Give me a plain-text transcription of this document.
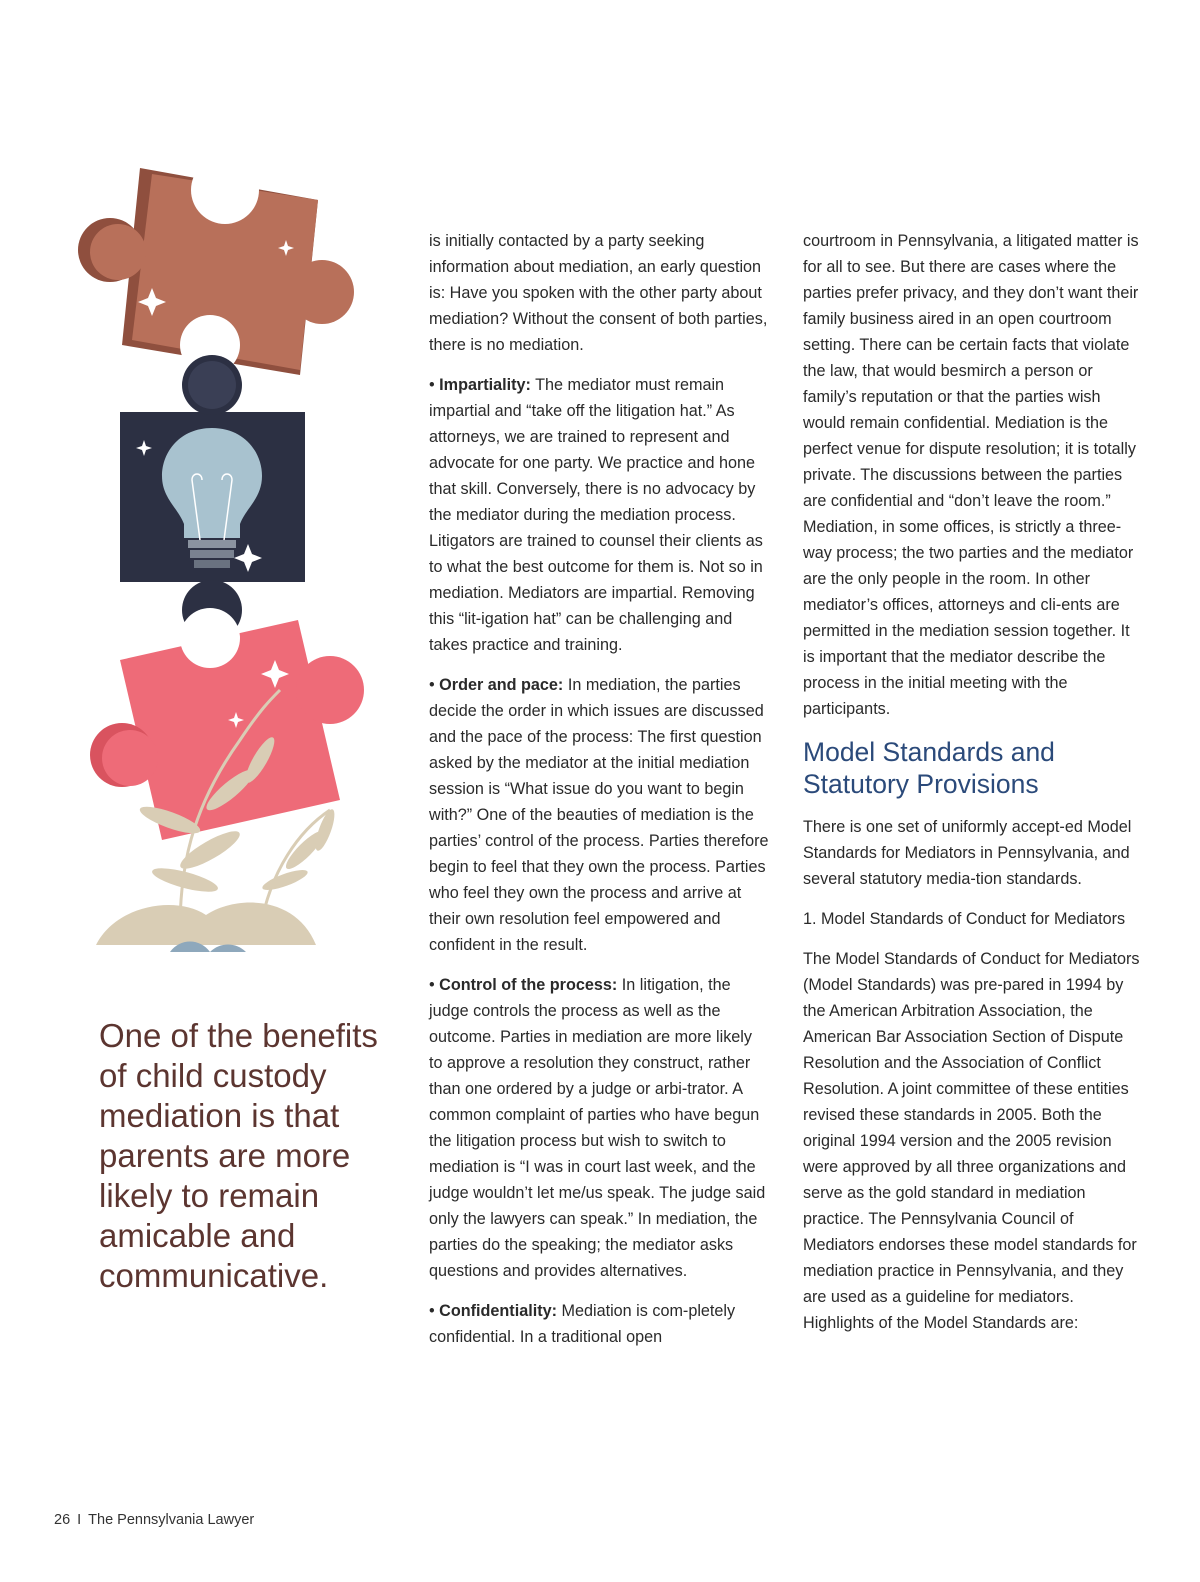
One of the benefits of child custody mediation is that parents are more likely to remain amicable and communicative.

is initially contacted by a party seeking information about mediation, an early question is: Have you spoken with the other party about mediation? Without the consent of both parties, there is no mediation.

• Impartiality: The mediator must remain impartial and “take off the litigation hat.” As attorneys, we are trained to represent and advocate for one party. We practice and hone that skill. Conversely, there is no advocacy by the mediator during the mediation process. Litigators are trained to counsel their clients as to what the best outcome for them is. Not so in mediation. Mediators are impartial. Removing this “lit-igation hat” can be challenging and takes practice and training.

• Order and pace: In mediation, the parties decide the order in which issues are discussed and the pace of the process: The first question asked by the mediator at the initial mediation session is “What issue do you want to begin with?” One of the beauties of mediation is the parties’ control of the process. Parties therefore begin to feel that they own the process. Parties who feel they own the process and arrive at their own resolution feel empowered and confident in the result.

• Control of the process: In litigation, the judge controls the process as well as the outcome. Parties in mediation are more likely to approve a resolution they construct, rather than one ordered by a judge or arbi-trator. A common complaint of parties who have begun the litigation process but wish to switch to mediation is “I was in court last week, and the judge wouldn’t let me/us speak. The judge said only the lawyers can speak.” In mediation, the parties do the speaking; the mediator asks questions and provides alternatives.

• Confidentiality: Mediation is com-pletely confidential. In a traditional open

courtroom in Pennsylvania, a litigated matter is for all to see. But there are cases where the parties prefer privacy, and they don’t want their family business aired in an open courtroom setting. There can be certain facts that violate the law, that would besmirch a person or family’s reputation or that the parties wish would remain confidential. Mediation is the perfect venue for dispute resolution; it is totally private. The discussions between the parties are confidential and “don’t leave the room.” Mediation, in some offices, is strictly a three-way process; the two parties and the mediator are the only people in the room. In other mediator’s offices, attorneys and cli-ents are permitted in the mediation session together. It is important that the mediator describe the process in the initial meeting with the participants.

Model Standards and Statutory Provisions

There is one set of uniformly accept-ed Model Standards for Mediators in Pennsylvania, and several statutory media-tion standards.

1. Model Standards of Conduct for Mediators

The Model Standards of Conduct for Mediators (Model Standards) was pre-pared in 1994 by the American Arbitration Association, the American Bar Association Section of Dispute Resolution and the Association of Conflict Resolution. A joint committee of these entities revised these standards in 2005. Both the original 1994 version and the 2005 revision were approved by all three organizations and serve as the gold standard in mediation practice. The Pennsylvania Council of Mediators endorses these model standards for mediation practice in Pennsylvania, and they are used as a guideline for mediators. Highlights of the Model Standards are:

26 I The Pennsylvania Lawyer
